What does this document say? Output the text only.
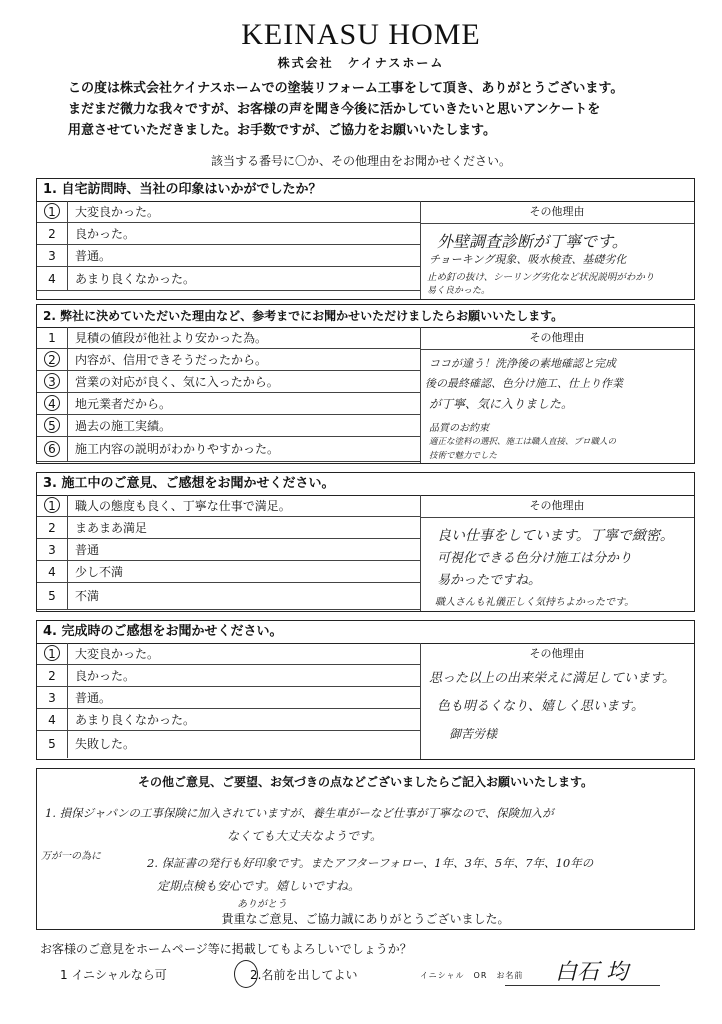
KEINASU HOME
株式会社　ケイナスホーム
この度は株式会社ケイナスホームでの塗装リフォーム工事をして頂き、ありがとうございます。
まだまだ微力な我々ですが、お客様の声を聞き今後に活かしていきたいと思いアンケートを
用意させていただきました。お手数ですが、ご協力をお願いいたします。
該当する番号に〇か、その他理由をお聞かせください。
1. 自宅訪問時、当社の印象はいかがでしたか？
その他理由
1	大変良かった。
2	良かった。
3	普通。
4	あまり良くなかった。
外壁調査診断が丁寧です。
チョーキング現象、吸水検査、基礎劣化
止め釘の抜け、シーリング劣化など状況説明がわかり
易く良かった。
2. 弊社に決めていただいた理由など、参考までにお聞かせいただけましたらお願いいたします。
その他理由
1	見積の値段が他社より安かった為。
2	内容が、信用できそうだったから。
3	営業の対応が良く、気に入ったから。
4	地元業者だから。
5	過去の施工実績。
6	施工内容の説明がわかりやすかった。
ココが違う！洗浄後の素地確認と完成
後の最終確認、色分け施工、仕上り作業
が丁寧、気に入りました。
品質のお約束
適正な塗料の選択、施工は職人直接、プロ職人の
技術で魅力でした
3. 施工中のご意見、ご感想をお聞かせください。
その他理由
1	職人の態度も良く、丁寧な仕事で満足。
2	まあまあ満足
3	普通
4	少し不満
5	不満
良い仕事をしています。丁寧で緻密。
可視化できる色分け施工は分かり
易かったですね。
職人さんも礼儀正しく気持ちよかったです。
4. 完成時のご感想をお聞かせください。
その他理由
1	大変良かった。
2	良かった。
3	普通。
4	あまり良くなかった。
5	失敗した。
思った以上の出来栄えに満足しています。
色も明るくなり、嬉しく思います。
御苦労様
その他ご意見、ご要望、お気づきの点などございましたらご記入お願いいたします。
1. 損保ジャパンの工事保険に加入されていますが、養生車がーなど仕事が丁寧なので、保険加入が
なくても大丈夫なようです。
万が一の為に	2. 保証書の発行も好印象です。またアフターフォロー、1年、3年、5年、7年、10年の
定期点検も安心です。嬉しいですね。
ありがとう
貴重なご意見、ご協力誠にありがとうございました。
お客様のご意見をホームページ等に掲載してもよろしいでしょうか？
1 イニシャルなら可	2.名前を出してよい	イニシャル　OR　お名前 白石 均
